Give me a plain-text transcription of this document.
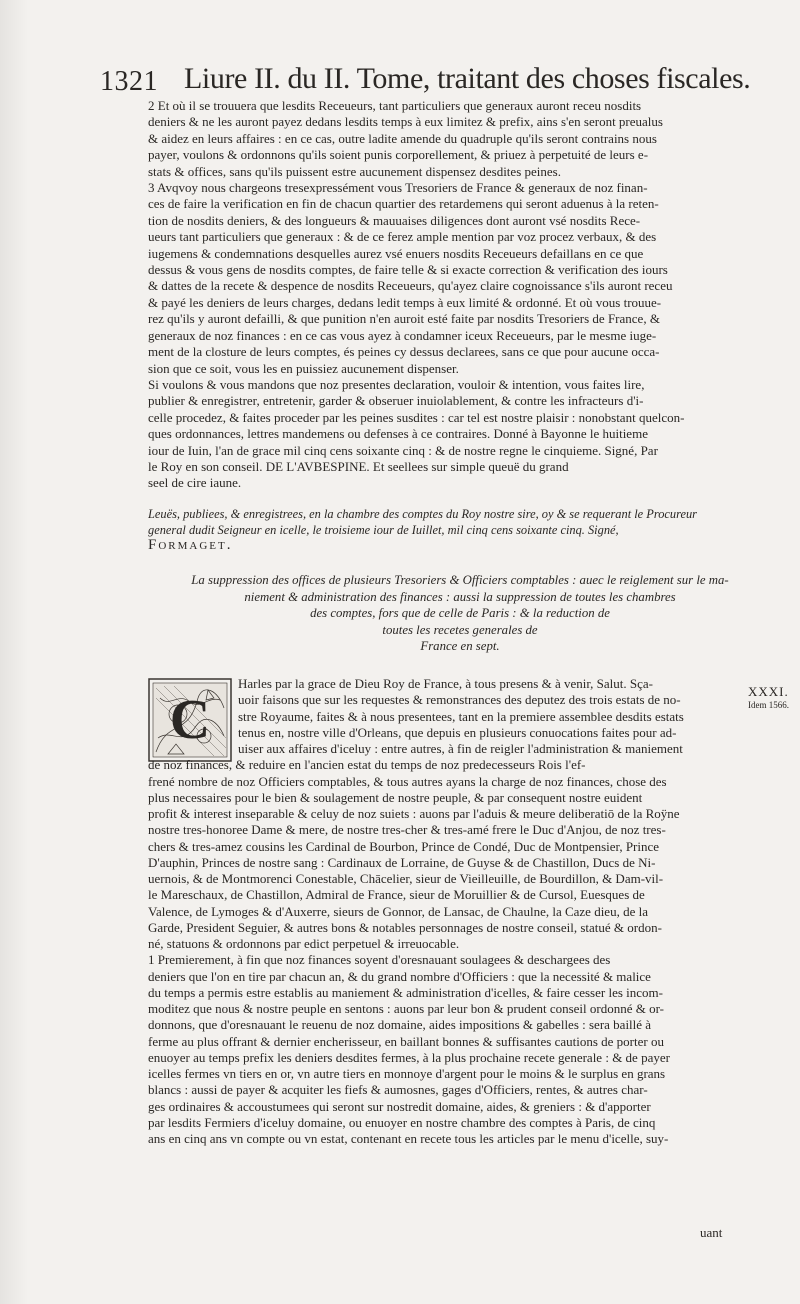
1321 Liure II. du II. Tome, traitant des choses fiscales.
2 Et où il se trouuera que lesdits Receueurs, tant particuliers que generaux auront receu nosdits
deniers & ne les auront payez dedans lesdits temps à eux limitez & prefix, ains s'en seront preualus
& aidez en leurs affaires : en ce cas, outre ladite amende du quadruple qu'ils seront contrains nous
payer, voulons & ordonnons qu'ils soient punis corporellement, & priuez à perpetuité de leurs e-
stats & offices, sans qu'ils puissent estre aucunement dispensez desdites peines.
3 Avqvoy nous chargeons tresexpressément vous Tresoriers de France & generaux de noz finan-
ces de faire la verification en fin de chacun quartier des retardemens qui seront aduenus à la reten-
tion de nosdits deniers, & des longueurs & mauuaises diligences dont auront vsé nosdits Rece-
ueurs tant particuliers que generaux : & de ce ferez ample mention par voz procez verbaux, & des
iugemens & condemnations desquelles aurez vsé enuers nosdits Receueurs defaillans en ce que
dessus & vous gens de nosdits comptes, de faire telle & si exacte correction & verification des iours
& dattes de la recete & despence de nosdits Receueurs, qu'ayez claire cognoissance s'ils auront receu
& payé les deniers de leurs charges, dedans ledit temps à eux limité & ordonné. Et où vous trouue-
rez qu'ils y auront defailli, & que punition n'en auroit esté faite par nosdits Tresoriers de France, &
generaux de noz finances : en ce cas vous ayez à condamner iceux Receueurs, par le mesme iuge-
ment de la closture de leurs comptes, és peines cy dessus declarees, sans ce que pour aucune occa-
sion que ce soit, vous les en puissiez aucunement dispenser.
Si voulons & vous mandons que noz presentes declaration, vouloir & intention, vous faites lire,
publier & enregistrer, entretenir, garder & obseruer inuiolablement, & contre les infracteurs d'i-
celle procedez, & faites proceder par les peines susdites : car tel est nostre plaisir : nonobstant quelcon-
ques ordonnances, lettres mandemens ou defenses à ce contraires. Donné à Bayonne le huitieme
iour de Iuin, l'an de grace mil cinq cens soixante cinq : & de nostre regne le cinquieme. Signé, Par
le Roy en son conseil. DE L'AVBESPINE. Et seellees sur simple queuë du grand
seel de cire iaune.
Leuës, publiees, & enregistrees, en la chambre des comptes du Roy nostre sire, oy & se requerant le Procureur
general dudit Seigneur en icelle, le troisieme iour de Iuillet, mil cinq cens soixante cinq. Signé,
Formaget.
La suppression des offices de plusieurs Tresoriers & Officiers comptables : auec le reiglement sur le ma-
niement & administration des finances : aussi la suppression de toutes les chambres
des comptes, fors que de celle de Paris : & la reduction de
toutes les recetes generales de
France en sept.
C
Harles par la grace de Dieu Roy de France, à tous presens & à venir, Salut. Sça-
uoir faisons que sur les requestes & remonstrances des deputez des trois estats de no-
stre Royaume, faites & à nous presentees, tant en la premiere assemblee desdits estats
tenus en, nostre ville d'Orleans, que depuis en plusieurs conuocations faites pour ad-
uiser aux affaires d'iceluy : entre autres, à fin de reigler l'administration & maniement
de noz finances, & reduire en l'ancien estat du temps de noz predecesseurs Rois l'ef-
frené nombre de noz Officiers comptables, & tous autres ayans la charge de noz finances, chose des
plus necessaires pour le bien & soulagement de nostre peuple, & par consequent nostre euident
profit & interest inseparable & celuy de noz suiets : auons par l'aduis & meure deliberatiō de la Roÿne
nostre tres-honoree Dame & mere, de nostre tres-cher & tres-amé frere le Duc d'Anjou, de noz tres-
chers & tres-amez cousins les Cardinal de Bourbon, Prince de Condé, Duc de Montpensier, Prince
D'auphin, Princes de nostre sang : Cardinaux de Lorraine, de Guyse & de Chastillon, Ducs de Ni-
uernois, & de Montmorenci Conestable, Chācelier, sieur de Vieilleuille, de Bourdillon, & Dam-vil-
le Mareschaux, de Chastillon, Admiral de France, sieur de Moruillier & de Cursol, Euesques de
Valence, de Lymoges & d'Auxerre, sieurs de Gonnor, de Lansac, de Chaulne, la Caze dieu, de la
Garde, President Seguier, & autres bons & notables personnages de nostre conseil, statué & ordon-
né, statuons & ordonnons par edict perpetuel & irreuocable.
1 Premierement, à fin que noz finances soyent d'oresnauant soulagees & deschargees des
deniers que l'on en tire par chacun an, & du grand nombre d'Officiers : que la necessité & malice
du temps a permis estre establis au maniement & administration d'icelles, & faire cesser les incom-
moditez que nous & nostre peuple en sentons : auons par leur bon & prudent conseil ordonné & or-
donnons, que d'oresnauant le reuenu de noz domaine, aides impositions & gabelles : sera baillé à
ferme au plus offrant & dernier encherisseur, en baillant bonnes & suffisantes cautions de porter ou
enuoyer au temps prefix les deniers desdites fermes, à la plus prochaine recete generale : & de payer
icelles fermes vn tiers en or, vn autre tiers en monnoye d'argent pour le moins & le surplus en grans
blancs : aussi de payer & acquiter les fiefs & aumosnes, gages d'Officiers, rentes, & autres char-
ges ordinaires & accoustumees qui seront sur nostredit domaine, aides, & greniers : & d'apporter
par lesdits Fermiers d'iceluy domaine, ou enuoyer en nostre chambre des comptes à Paris, de cinq
ans en cinq ans vn compte ou vn estat, contenant en recete tous les articles par le menu d'icelle, suy-
XXXI.
Idem 1566.
uant
